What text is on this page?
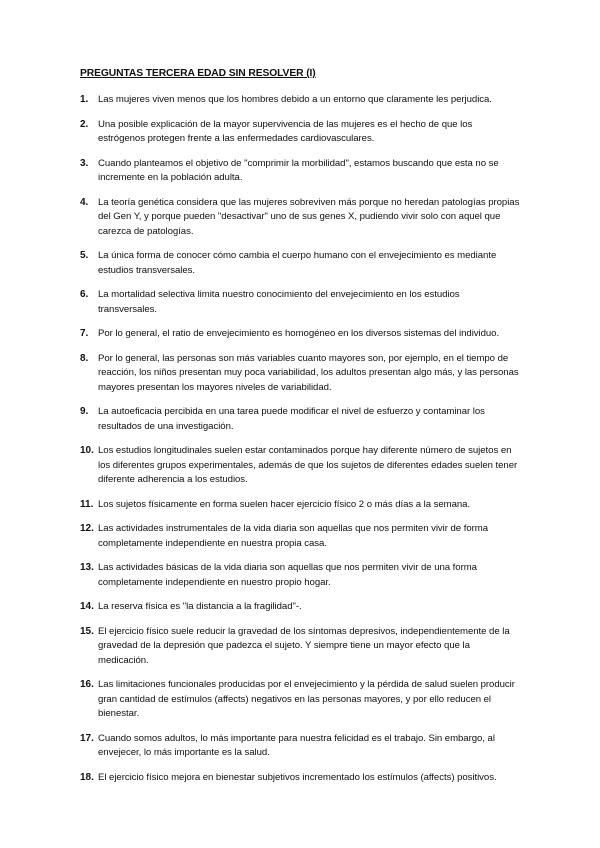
PREGUNTAS TERCERA EDAD SIN RESOLVER (I)
1.	Las mujeres viven menos que los hombres debido a un entorno que claramente les perjudica.
2.	Una posible explicación de la mayor supervivencia de las mujeres es el hecho de que los estrógenos protegen frente a las enfermedades cardiovasculares.
3.	Cuando planteamos el objetivo de "comprimir la morbilidad", estamos buscando que esta no se incremente en la población adulta.
4.	La teoría genética considera que las mujeres sobreviven más porque no heredan patologías propias del Gen Y, y porque pueden "desactivar" uno de sus genes X, pudiendo vivir solo con aquel que carezca de patologías.
5.	La única forma de conocer cómo cambia el cuerpo humano con el envejecimiento es mediante estudios transversales.
6.	La mortalidad selectiva limita nuestro conocimiento del envejecimiento en los estudios transversales.
7.	Por lo general, el ratio de envejecimiento es homogéneo en los diversos sistemas del individuo.
8.	Por lo general, las personas son más variables cuanto mayores son, por ejemplo, en el tiempo de reacción, los niños presentan muy poca variabilidad, los adultos presentan algo más, y las personas mayores presentan los mayores niveles de variabilidad.
9.	La autoeficacia percibida en una tarea puede modificar el nivel de esfuerzo y contaminar los resultados de una investigación.
10. Los estudios longitudinales suelen estar contaminados porque hay diferente número de sujetos en los diferentes grupos experimentales, además de que los sujetos de diferentes edades suelen tener diferente adherencia a los estudios.
11. Los sujetos físicamente en forma suelen hacer ejercicio físico 2 o más días a la semana.
12. Las actividades instrumentales de la vida diaria son aquellas que nos permiten vivir de forma completamente independiente en nuestra propia casa.
13. Las actividades básicas de la vida diaria son aquellas que nos permiten vivir de una forma completamente independiente en nuestro propio hogar.
14. La reserva física es "la distancia a la fragilidad"-.
15. El ejercicio físico suele reducir la gravedad de los síntomas depresivos, independientemente de la gravedad de la depresión que padezca el sujeto. Y siempre tiene un mayor efecto que la medicación.
16. Las limitaciones funcionales producidas por el envejecimiento y la pérdida de salud suelen producir gran cantidad de estímulos (affects) negativos en las personas mayores, y por ello reducen el bienestar.
17. Cuando somos adultos, lo más importante para nuestra felicidad es el trabajo. Sin embargo, al envejecer, lo más importante es la salud.
18. El ejercicio físico mejora en bienestar subjetivos incrementado los estímulos (affects) positivos.
